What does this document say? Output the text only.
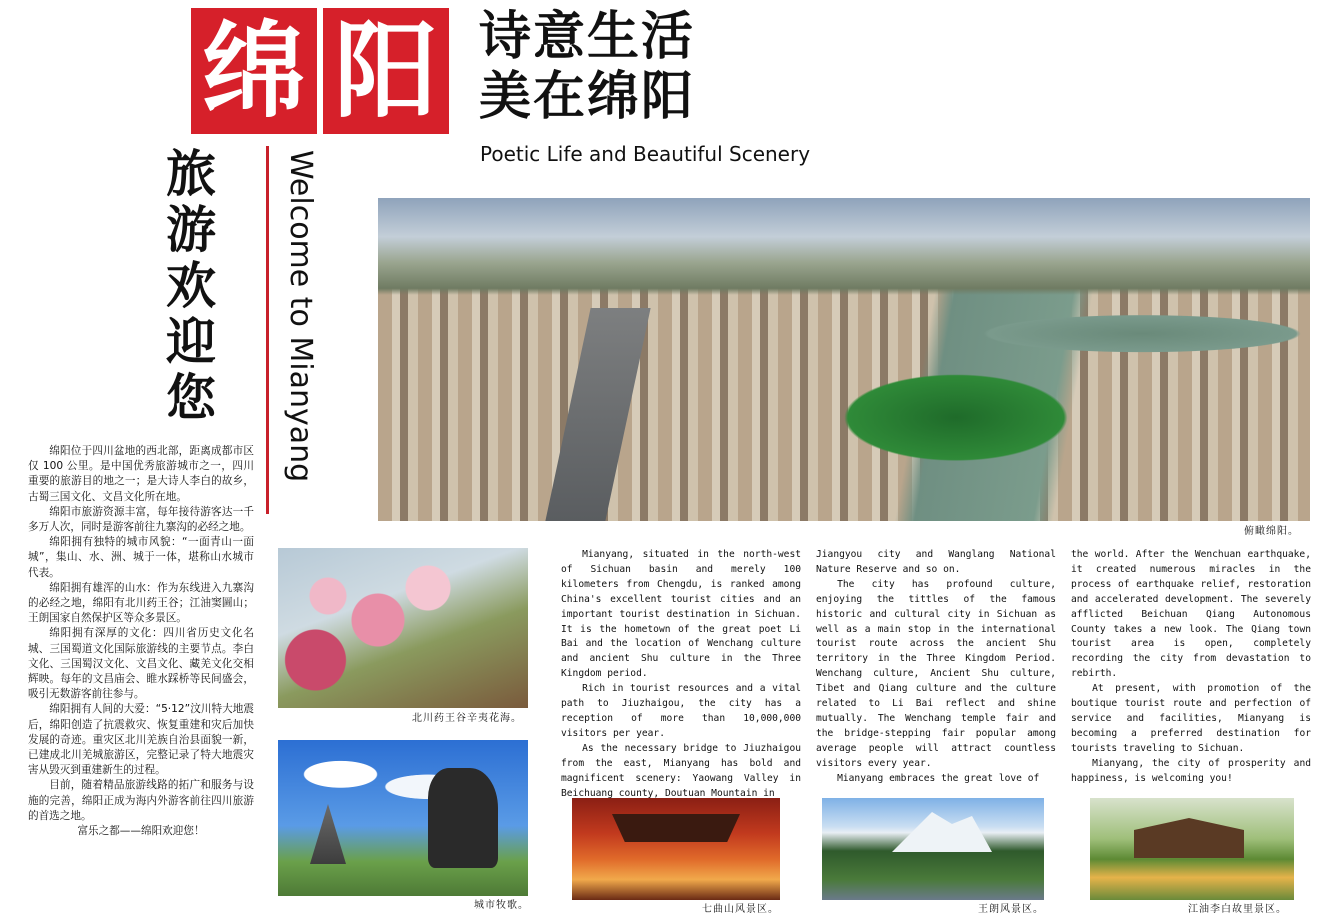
绵 阳 诗意生活
美在绵阳
Poetic Life and Beautiful Scenery
旅游欢迎您 Welcome to Mianyang

绵阳位于四川盆地的西北部，距离成都市区仅 100 公里。是中国优秀旅游城市之一，四川重要的旅游目的地之一；是大诗人李白的故乡，古蜀三国文化、文昌文化所在地。

绵阳市旅游资源丰富，每年接待游客达一千多万人次，同时是游客前往九寨沟的必经之地。

绵阳拥有独特的城市风貌：“一面青山一面城”，集山、水、洲、城于一体，堪称山水城市代表。

绵阳拥有雄浑的山水：作为东线进入九寨沟的必经之地，绵阳有北川药王谷；江油窦圌山；王朗国家自然保护区等众多景区。

绵阳拥有深厚的文化：四川省历史文化名城、三国蜀道文化国际旅游线的主要节点。李白文化、三国蜀汉文化、文昌文化、藏羌文化交相辉映。每年的文昌庙会、睢水踩桥等民间盛会，吸引无数游客前往参与。

绵阳拥有人间的大爱：“5·12”汶川特大地震后，绵阳创造了抗震救灾、恢复重建和灾后加快发展的奇迹。重灾区北川羌族自治县面貌一新，已建成北川羌城旅游区，完整记录了特大地震灾害从毁灭到重建新生的过程。

目前，随着精品旅游线路的拓广和服务与设施的完善，绵阳正成为海内外游客前往四川旅游的首选之地。

富乐之都——绵阳欢迎您！

俯瞰绵阳。
北川药王谷辛夷花海。
城市牧歌。	七曲山风景区。	王朗风景区。	江油李白故里景区。

Mianyang, situated in the north-west of Sichuan basin and merely 100 kilometers from Chengdu, is ranked among China's excellent tourist cities and an important tourist destination in Sichuan. It is the hometown of the great poet Li Bai and the location of Wenchang culture and ancient Shu culture in the Three Kingdom period.

Rich in tourist resources and a vital path to Jiuzhaigou, the city has a reception of more than 10,000,000 visitors per year.

As the necessary bridge to Jiuzhaigou from the east, Mianyang has bold and magnificent scenery: Yaowang Valley in Beichuang county, Doutuan Mountain in

Jiangyou city and Wanglang National Nature Reserve and so on.

The city has profound culture, enjoying the tittles of the famous historic and cultural city in Sichuan as well as a main stop in the international tourist route across the ancient Shu territory in the Three Kingdom Period. Wenchang culture, Ancient Shu culture, Tibet and Qiang culture and the culture related to Li Bai reflect and shine mutually. The Wenchang temple fair and the bridge-stepping fair popular among average people will attract countless visitors every year.

Mianyang embraces the great love of

the world. After the Wenchuan earthquake, it created numerous miracles in the process of earthquake relief, restoration and accelerated development. The severely afflicted Beichuan Qiang Autonomous County takes a new look. The Qiang town tourist area is open, completely recording the city from devastation to rebirth.

At present, with promotion of the boutique tourist route and perfection of service and facilities, Mianyang is becoming a preferred destination for tourists traveling to Sichuan.

Mianyang, the city of prosperity and happiness, is welcoming you!
